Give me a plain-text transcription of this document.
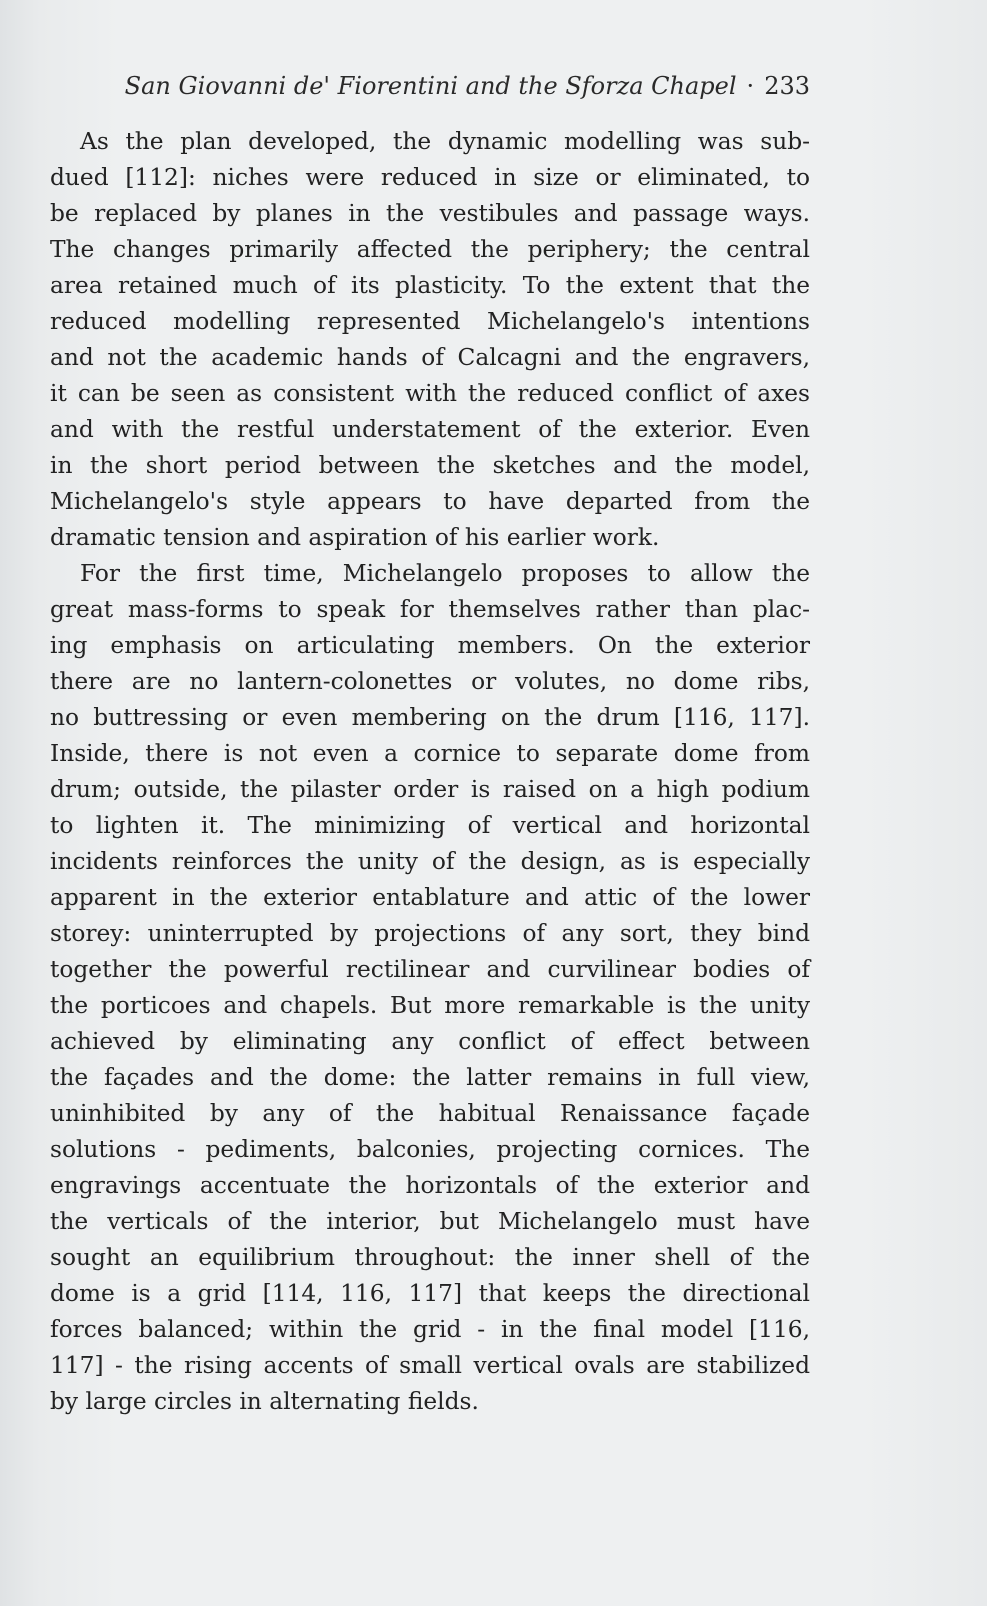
San Giovanni de' Fiorentini and the Sforza Chapel · 233
As the plan developed, the dynamic modelling was sub-
dued [112]: niches were reduced in size or eliminated, to
be replaced by planes in the vestibules and passage ways.
The changes primarily affected the periphery; the central
area retained much of its plasticity. To the extent that the
reduced modelling represented Michelangelo's intentions
and not the academic hands of Calcagni and the engravers,
it can be seen as consistent with the reduced conflict of axes
and with the restful understatement of the exterior. Even
in the short period between the sketches and the model,
Michelangelo's style appears to have departed from the
dramatic tension and aspiration of his earlier work.
For the first time, Michelangelo proposes to allow the
great mass-forms to speak for themselves rather than plac-
ing emphasis on articulating members. On the exterior
there are no lantern-colonettes or volutes, no dome ribs,
no buttressing or even membering on the drum [116, 117].
Inside, there is not even a cornice to separate dome from
drum; outside, the pilaster order is raised on a high podium
to lighten it. The minimizing of vertical and horizontal
incidents reinforces the unity of the design, as is especially
apparent in the exterior entablature and attic of the lower
storey: uninterrupted by projections of any sort, they bind
together the powerful rectilinear and curvilinear bodies of
the porticoes and chapels. But more remarkable is the unity
achieved by eliminating any conflict of effect between
the façades and the dome: the latter remains in full view,
uninhibited by any of the habitual Renaissance façade
solutions - pediments, balconies, projecting cornices. The
engravings accentuate the horizontals of the exterior and
the verticals of the interior, but Michelangelo must have
sought an equilibrium throughout: the inner shell of the
dome is a grid [114, 116, 117] that keeps the directional
forces balanced; within the grid - in the final model [116,
117] - the rising accents of small vertical ovals are stabilized
by large circles in alternating fields.
